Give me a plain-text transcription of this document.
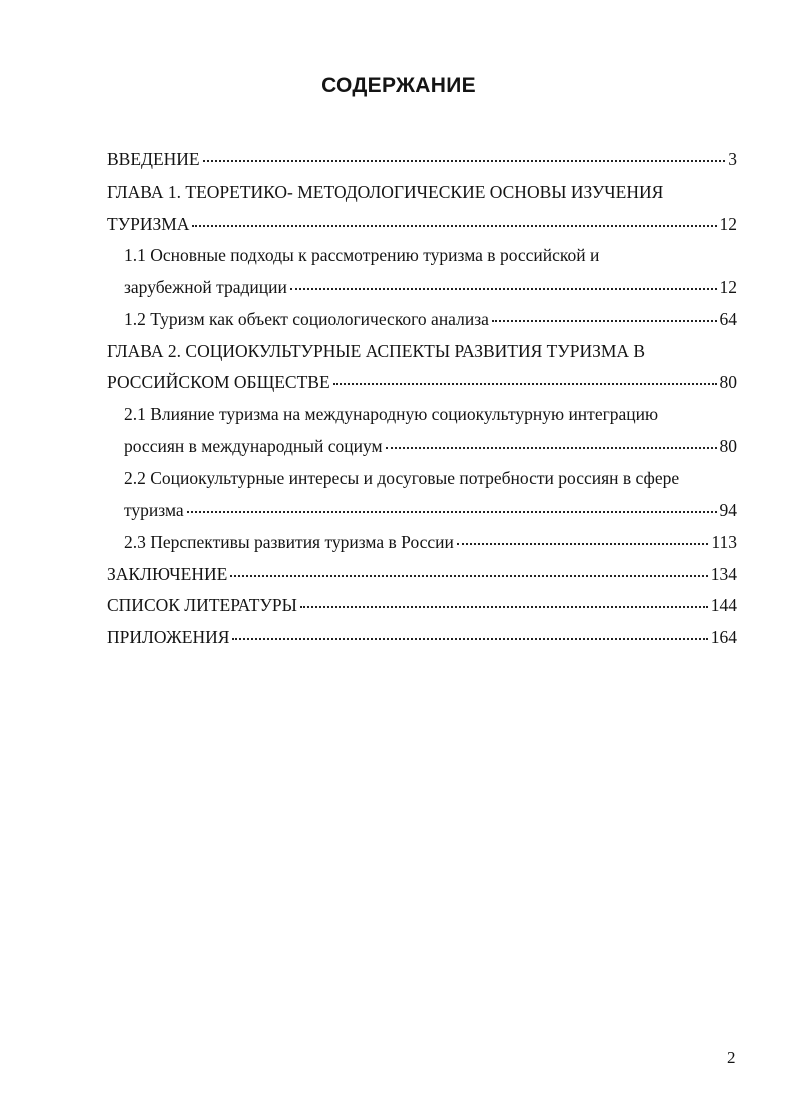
СОДЕРЖАНИЕ
ВВЕДЕНИЕ	3
ГЛАВА 1. ТЕОРЕТИКО- МЕТОДОЛОГИЧЕСКИЕ ОСНОВЫ ИЗУЧЕНИЯ
ТУРИЗМА	12
1.1 Основные подходы к рассмотрению туризма в российской и
зарубежной традиции	12
1.2 Туризм как объект социологического анализа	64
ГЛАВА 2. СОЦИОКУЛЬТУРНЫЕ АСПЕКТЫ РАЗВИТИЯ ТУРИЗМА В
РОССИЙСКОМ ОБЩЕСТВЕ	80
2.1 Влияние туризма на международную социокультурную интеграцию
россиян в международный социум	80
2.2 Социокультурные интересы и досуговые потребности россиян в сфере
туризма	94
2.3 Перспективы развития туризма в России	113
ЗАКЛЮЧЕНИЕ	134
СПИСОК ЛИТЕРАТУРЫ	144
ПРИЛОЖЕНИЯ	164
2
